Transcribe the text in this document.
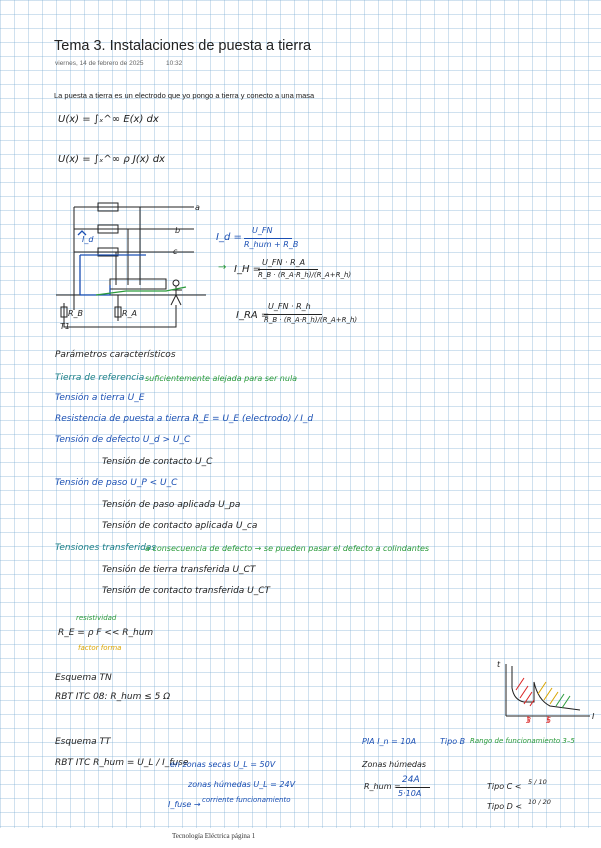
Tema 3. Instalaciones de puesta a tierra
viernes, 14 de febrero de 2025	10:32
La puesta a tierra es un electrodo que yo pongo a tierra y conecto a una masa
U(x) = ∫ₓ^∞ E(x) dx
U(x) = ∫ₓ^∞ ρ J(x) dx
a
b
c
I_d
R_B	R_A
T1
I_d =
U_FN
R_hum + R_B
→ I_H =
U_FN · R_A
R_B · (R_A·R_h)/(R_A+R_h)
I_RA =
U_FN · R_h
R_B · (R_A·R_h)/(R_A+R_h)
Parámetros característicos
Tierra de referencia suficientemente alejada para ser nula
Tensión a tierra U_E
Resistencia de puesta a tierra R_E = U_E (electrodo) / I_d
Tensión de defecto U_d > U_C
Tensión de contacto U_C
Tensión de paso U_P < U_C
Tensión de paso aplicada U_pa
Tensión de contacto aplicada U_ca
Tensiones transferidas
a consecuencia de defecto → se pueden pasar el defecto a colindantes
Tensión de tierra transferida U_CT
Tensión de contacto transferida U_CT
resistividad
R_E = ρ F << R_hum
factor forma
Esquema TN
RBT ITC 08: R_hum ≤ 5 Ω
t
I
3 5
Esquema TT
RBT ITC R_hum = U_L / I_fuse
en zonas secas U_L = 50V
zonas húmedas U_L = 24V
I_fuse → corriente funcionamiento
PIA I_n = 10A	Tipo B Rango de funcionamiento 3–5
Zonas húmedas
R_hum =
24A
5·10A
Tipo C < 5 / 10
Tipo D < 10 / 20
Tecnología Eléctrica página 1
